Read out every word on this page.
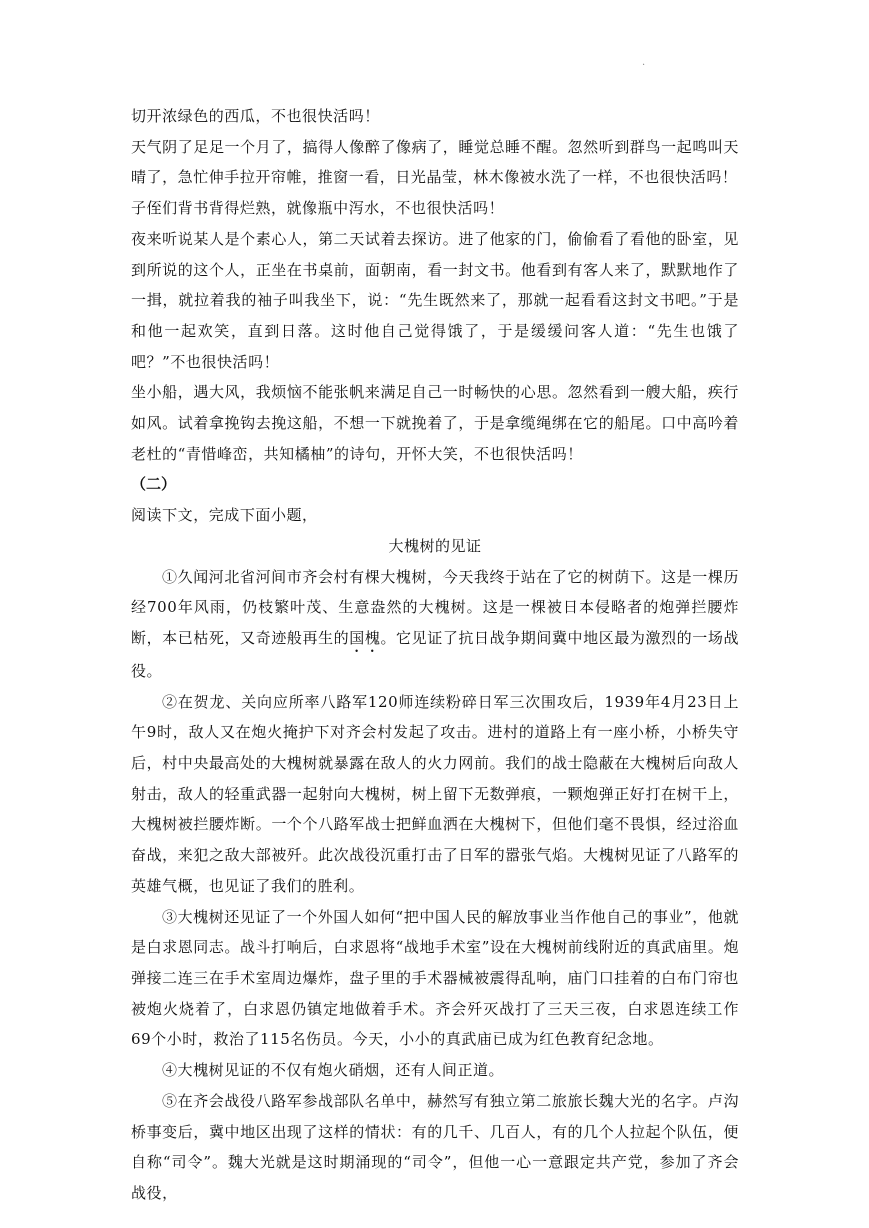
.

切开浓绿色的西瓜，不也很快活吗！

天气阴了足足一个月了，搞得人像醉了像病了，睡觉总睡不醒。忽然听到群鸟一起鸣叫天晴了，急忙伸手拉开帘帷，推窗一看，日光晶莹，林木像被水洗了一样，不也很快活吗！

子侄们背书背得烂熟，就像瓶中泻水，不也很快活吗！

夜来听说某人是个素心人，第二天试着去探访。进了他家的门，偷偷看了看他的卧室，见到所说的这个人，正坐在书桌前，面朝南，看一封文书。他看到有客人来了，默默地作了一揖，就拉着我的袖子叫我坐下，说：“先生既然来了，那就一起看看这封文书吧。”于是和他一起欢笑，直到日落。这时他自己觉得饿了，于是缓缓问客人道：“先生也饿了吧？”不也很快活吗！

坐小船，遇大风，我烦恼不能张帆来满足自己一时畅快的心思。忽然看到一艘大船，疾行如风。试着拿挽钩去挽这船，不想一下就挽着了，于是拿缆绳绑在它的船尾。口中高吟着老杜的“青惜峰峦，共知橘柚”的诗句，开怀大笑，不也很快活吗！

（二）

阅读下文，完成下面小题，

大槐树的见证

①久闻河北省河间市齐会村有棵大槐树，今天我终于站在了它的树荫下。这是一棵历经700年风雨，仍枝繁叶茂、生意盎然的大槐树。这是一棵被日本侵略者的炮弹拦腰炸断，本已枯死，又奇迹般再生的国槐。它见证了抗日战争期间冀中地区最为激烈的一场战役。

②在贺龙、关向应所率八路军120师连续粉碎日军三次围攻后，1939年4月23日上午9时，敌人又在炮火掩护下对齐会村发起了攻击。进村的道路上有一座小桥，小桥失守后，村中央最高处的大槐树就暴露在敌人的火力网前。我们的战士隐蔽在大槐树后向敌人射击，敌人的轻重武器一起射向大槐树，树上留下无数弹痕，一颗炮弹正好打在树干上，大槐树被拦腰炸断。一个个八路军战士把鲜血洒在大槐树下，但他们毫不畏惧，经过浴血奋战，来犯之敌大部被歼。此次战役沉重打击了日军的嚣张气焰。大槐树见证了八路军的英雄气概，也见证了我们的胜利。

③大槐树还见证了一个外国人如何“把中国人民的解放事业当作他自己的事业”，他就是白求恩同志。战斗打响后，白求恩将“战地手术室”设在大槐树前线附近的真武庙里。炮弹接二连三在手术室周边爆炸，盘子里的手术器械被震得乱响，庙门口挂着的白布门帘也被炮火烧着了，白求恩仍镇定地做着手术。齐会歼灭战打了三天三夜，白求恩连续工作69个小时，救治了115名伤员。今天，小小的真武庙已成为红色教育纪念地。

④大槐树见证的不仅有炮火硝烟，还有人间正道。

⑤在齐会战役八路军参战部队名单中，赫然写有独立第二旅旅长魏大光的名字。卢沟桥事变后，冀中地区出现了这样的情状：有的几千、几百人，有的几个人拉起个队伍，便自称“司令”。魏大光就是这时期涌现的“司令”，但他一心一意跟定共产党，参加了齐会战役，
